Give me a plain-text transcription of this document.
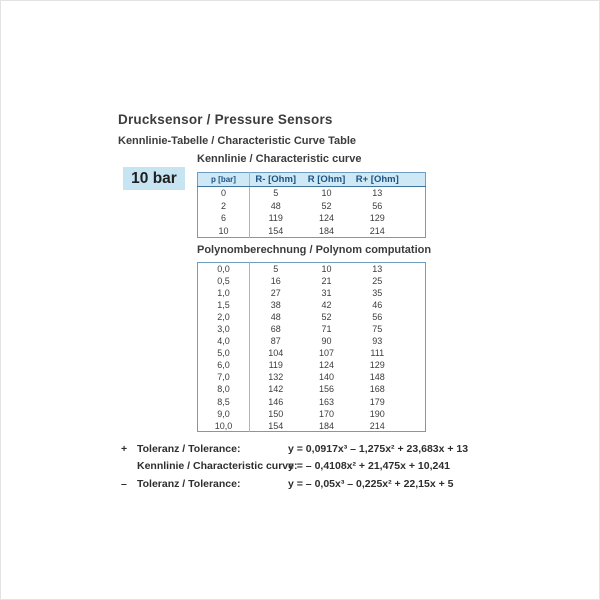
Drucksensor / Pressure Sensors
Kennlinie-Tabelle / Characteristic Curve Table
10 bar
Kennlinie / Characteristic curve
p [bar]	R- [Ohm]	R [Ohm]	R+ [Ohm]
0	5	10	13
2	48	52	56
6	119	124	129
10	154	184	214
Polynomberechnung / Polynom computation
0,0	5	10	13
0,5	16	21	25
1,0	27	31	35
1,5	38	42	46
2,0	48	52	56
3,0	68	71	75
4,0	87	90	93
5,0	104	107	111
6,0	119	124	129
7,0	132	140	148
8,0	142	156	168
8,5	146	163	179
9,0	150	170	190
10,0	154	184	214
+ Toleranz / Tolerance:	y = 0,0917x³ – 1,275x² + 23,683x + 13
Kennlinie / Characteristic curve:
y = – 0,4108x² + 21,475x + 10,241
– Toleranz / Tolerance:	y = – 0,05x³ – 0,225x² + 22,15x + 5
